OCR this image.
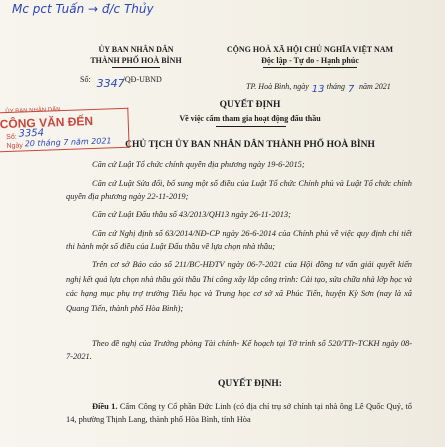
Mc pct Tuấn → đ/c Thủy
ỦY BAN NHÂN DÂN
THÀNH PHỐ HOÀ BÌNH
Số: 3347
/QĐ-UBND
CỘNG HOÀ XÃ HỘI CHỦ NGHĨA VIỆT NAM
Độc lập - Tự do - Hạnh phúc
TP. Hoà Bình, ngày 13 tháng 7 năm 2021
ỦY BAN NHÂN DÂN
CÔNG VĂN ĐẾN
Số: 3354
Ngày 20 tháng 7 năm 2021
QUYẾT ĐỊNH
Về việc cấm tham gia hoạt động đấu thầu
CHỦ TỊCH ỦY BAN NHÂN DÂN THÀNH PHỐ HOÀ BÌNH
Căn cứ Luật Tổ chức chính quyền địa phương ngày 19-6-2015;
Căn cứ Luật Sửa đổi, bổ sung một số điều của Luật Tổ chức Chính phủ và Luật Tổ chức chính quyền địa phương ngày 22-11-2019;
Căn cứ Luật Đấu thầu số 43/2013/QH13 ngày 26-11-2013;
Căn cứ Nghị định số 63/2014/NĐ-CP ngày 26-6-2014 của Chính phủ về việc quy định chi tiết thi hành một số điều của Luật Đấu thầu về lựa chọn nhà thầu;
Trên cơ sở Báo cáo số 211/BC-HĐTV ngày 06-7-2021 của Hội đồng tư vấn giải quyết kiến nghị kết quả lựa chọn nhà thầu gói thầu Thi công xây lắp công trình: Cải tạo, sửa chữa nhà lớp học và các hạng mục phụ trợ trường Tiểu học và Trung học cơ sở xã Phúc Tiến, huyện Kỳ Sơn (nay là xã Quang Tiến, thành phố Hòa Bình);
Theo đề nghị của Trưởng phòng Tài chính- Kế hoạch tại Tờ trình số 520/TTr-TCKH ngày 08-7-2021.
QUYẾT ĐỊNH:
Điều 1. Cấm Công ty Cổ phần Đức Linh (có địa chỉ trụ sở chính tại nhà ông Lê Quốc Quý, tổ 14, phường Thịnh Lang, thành phố Hòa Bình, tỉnh Hòa
